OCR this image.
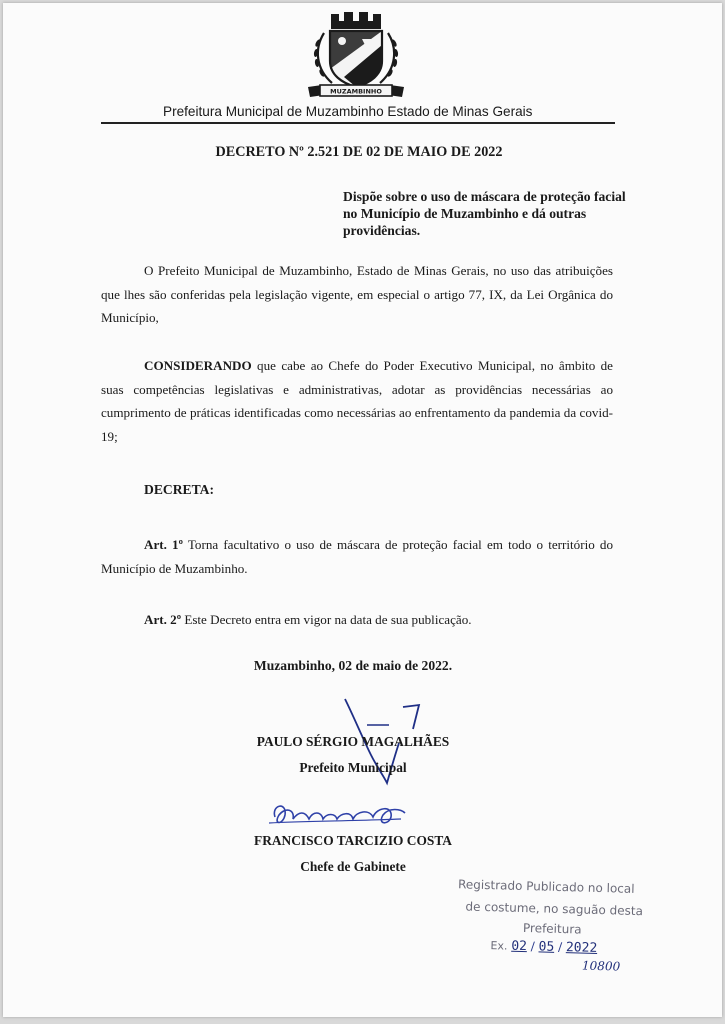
MUZAMBINHO
Prefeitura Municipal de Muzambinho Estado de Minas Gerais
DECRETO Nº 2.521 DE 02 DE MAIO DE 2022
Dispõe sobre o uso de máscara de proteção facial no Município de Muzambinho e dá outras providências.
O Prefeito Municipal de Muzambinho, Estado de Minas Gerais, no uso das atribuições que lhes são conferidas pela legislação vigente, em especial o artigo 77, IX, da Lei Orgânica do Município,
CONSIDERANDO que cabe ao Chefe do Poder Executivo Municipal, no âmbito de suas competências legislativas e administrativas, adotar as providências necessárias ao cumprimento de práticas identificadas como necessárias ao enfrentamento da pandemia da covid-19;
DECRETA:
Art. 1º Torna facultativo o uso de máscara de proteção facial em todo o território do Município de Muzambinho.
Art. 2º Este Decreto entra em vigor na data de sua publicação.
Muzambinho, 02 de maio de 2022.
PAULO SÉRGIO MAGALHÃES
Prefeito Municipal
FRANCISCO TARCIZIO COSTA
Chefe de Gabinete
Registrado Publicado no local
de costume, no saguão desta
Prefeitura
Ex. 02 / 05 / 2022
10800
